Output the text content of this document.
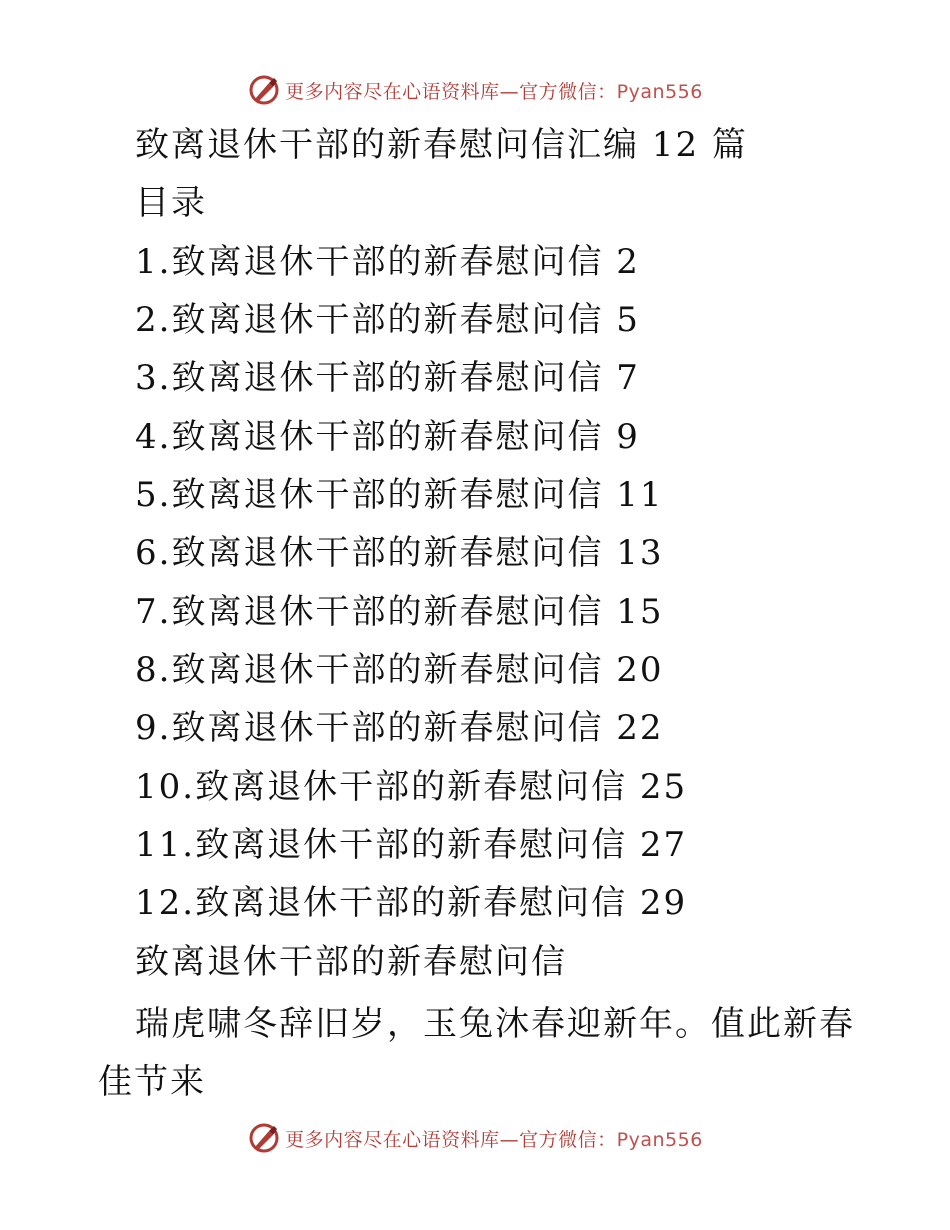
更多内容尽在心语资料库—官方微信：Pyan556
致离退休干部的新春慰问信汇编 12 篇
目录
1.致离退休干部的新春慰问信 2
2.致离退休干部的新春慰问信 5
3.致离退休干部的新春慰问信 7
4.致离退休干部的新春慰问信 9
5.致离退休干部的新春慰问信 11
6.致离退休干部的新春慰问信 13
7.致离退休干部的新春慰问信 15
8.致离退休干部的新春慰问信 20
9.致离退休干部的新春慰问信 22
10.致离退休干部的新春慰问信 25
11.致离退休干部的新春慰问信 27
12.致离退休干部的新春慰问信 29
致离退休干部的新春慰问信
瑞虎啸冬辞旧岁，玉兔沐春迎新年。值此新春佳节来
更多内容尽在心语资料库—官方微信：Pyan556
